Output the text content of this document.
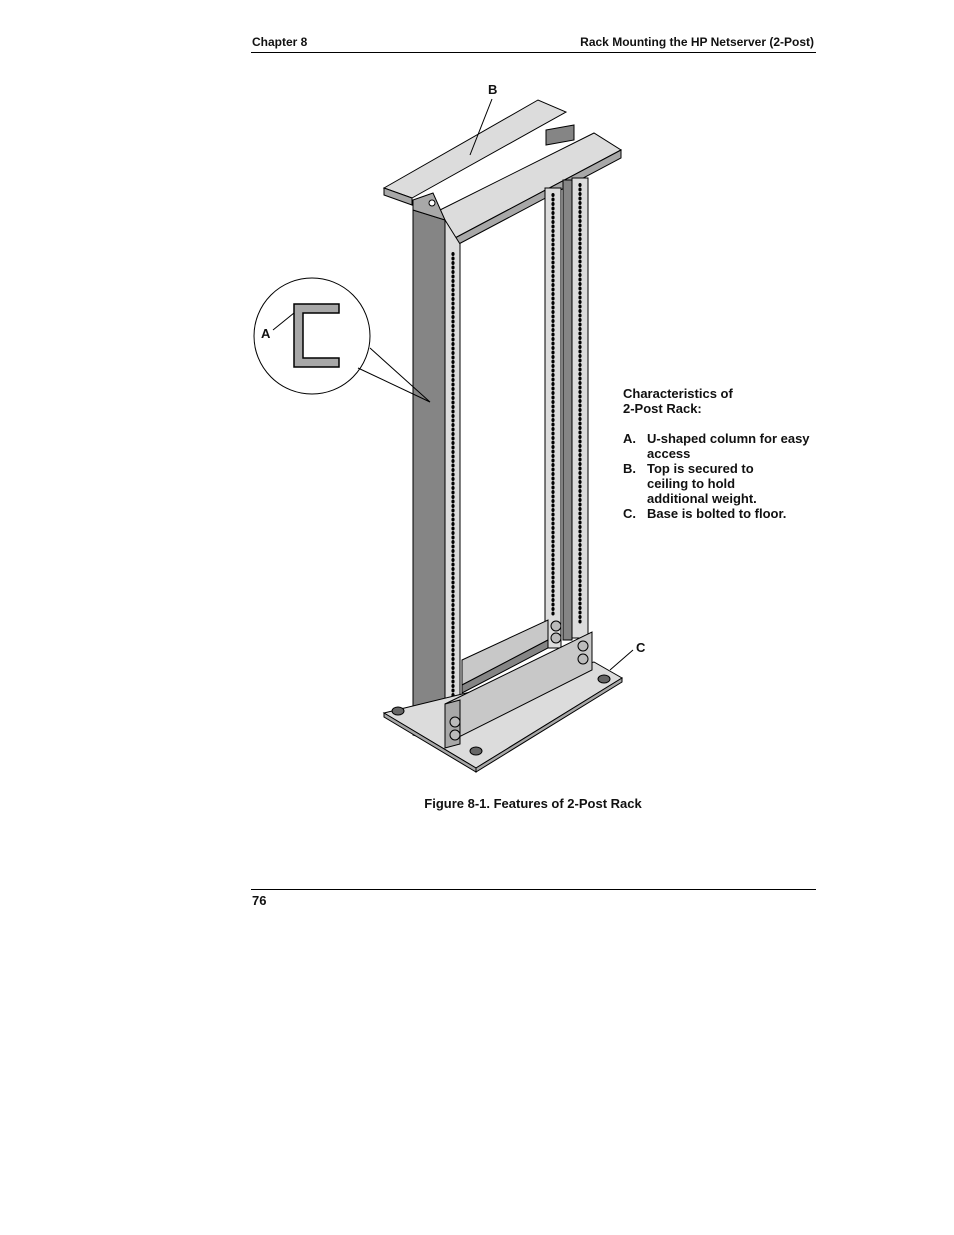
Chapter 8	Rack Mounting the HP Netserver (2-Post)
A
B
C
Characteristics of
2-Post Rack:
A. U-shaped column for easy
access
B. Top is secured to
ceiling to hold
additional weight.
C. Base is bolted to floor.
Figure 8-1. Features of 2-Post Rack
76
